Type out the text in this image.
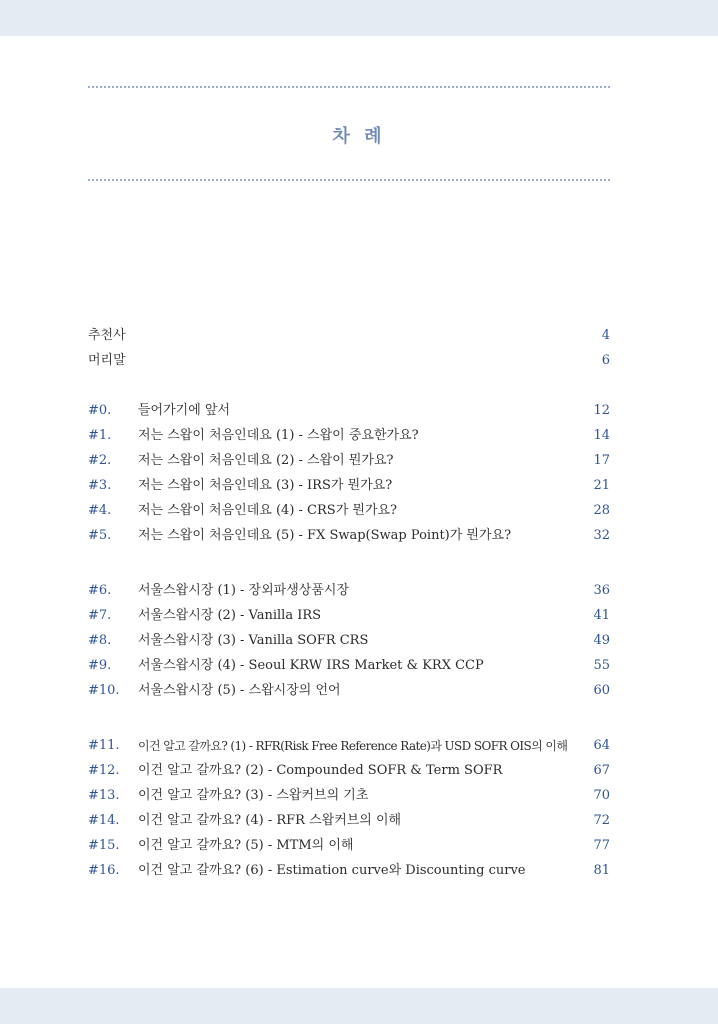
차 례
추천사	4
머리말	6
#0. 들어가기에 앞서	12
#1. 저는 스왑이 처음인데요 (1) - 스왑이 중요한가요?	14
#2. 저는 스왑이 처음인데요 (2) - 스왑이 뭔가요?	17
#3. 저는 스왑이 처음인데요 (3) - IRS가 뭔가요?	21
#4. 저는 스왑이 처음인데요 (4) - CRS가 뭔가요?	28
#5. 저는 스왑이 처음인데요 (5) - FX Swap(Swap Point)가 뭔가요?	32
#6. 서울스왑시장 (1) - 장외파생상품시장	36
#7. 서울스왑시장 (2) - Vanilla IRS	41
#8. 서울스왑시장 (3) - Vanilla SOFR CRS	49
#9. 서울스왑시장 (4) - Seoul KRW IRS Market & KRX CCP	55
#10. 서울스왑시장 (5) - 스왑시장의 언어	60
#11. 이건 알고 갈까요? (1) - RFR(Risk Free Reference Rate)과 USD SOFR OIS의 이해 64
#12. 이건 알고 갈까요? (2) - Compounded SOFR & Term SOFR	67
#13. 이건 알고 갈까요? (3) - 스왑커브의 기초	70
#14. 이건 알고 갈까요? (4) - RFR 스왑커브의 이해	72
#15. 이건 알고 갈까요? (5) - MTM의 이해	77
#16. 이건 알고 갈까요? (6) - Estimation curve와 Discounting curve	81
